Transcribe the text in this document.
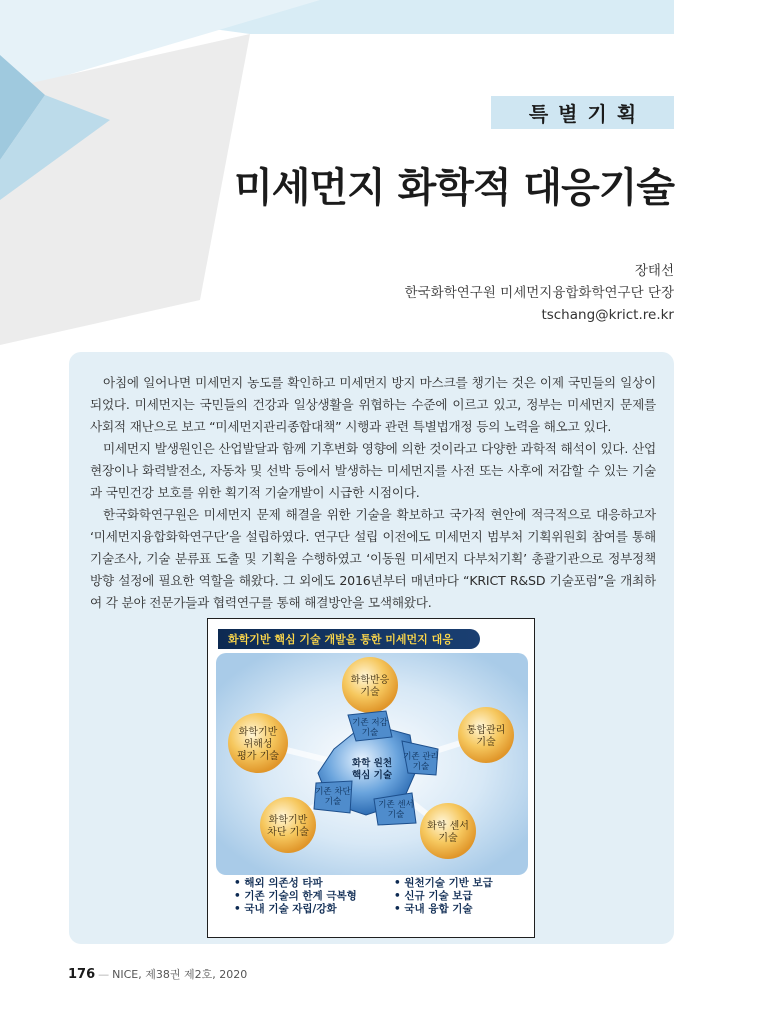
특별기획
미세먼지 화학적 대응기술
장태선
한국화학연구원 미세먼지융합화학연구단 단장
tschang@krict.re.kr

아침에 일어나면 미세먼지 농도를 확인하고 미세먼지 방지 마스크를 챙기는 것은 이제 국민들의 일상이 되었다. 미세먼지는 국민들의 건강과 일상생활을 위협하는 수준에 이르고 있고, 정부는 미세먼지 문제를 사회적 재난으로 보고 “미세먼지관리종합대책” 시행과 관련 특별법개정 등의 노력을 해오고 있다.

미세먼지 발생원인은 산업발달과 함께 기후변화 영향에 의한 것이라고 다양한 과학적 해석이 있다. 산업 현장이나 화력발전소, 자동차 및 선박 등에서 발생하는 미세먼지를 사전 또는 사후에 저감할 수 있는 기술과 국민건강 보호를 위한 획기적 기술개발이 시급한 시점이다.

한국화학연구원은 미세먼지 문제 해결을 위한 기술을 확보하고 국가적 현안에 적극적으로 대응하고자 ‘미세먼지융합화학연구단’을 설립하였다. 연구단 설립 이전에도 미세먼지 범부처 기획위원회 참여를 통해 기술조사, 기술 분류표 도출 및 기획을 수행하였고 ‘이동원 미세먼지 다부처기획’ 총괄기관으로 정부정책 방향 설정에 필요한 역할을 해왔다. 그 외에도 2016년부터 매년마다 “KRICT R&SD 기술포럼”을 개최하여 각 분야 전문가들과 협력연구를 통해 해결방안을 모색해왔다.

화학기반 핵심 기술 개발을 통한 미세먼지 대응
화학반응
기술
통합관리
기술
화학 센서
기술
화학기반
차단 기술
화학기반
위해성
평가 기술
기존 저감
기술
기존 관리
기술
기존 센서
기술
기존 차단
기술
화학 원천
핵심 기술
• 해외 의존성 타파
• 기존 기술의 한계 극복형
• 국내 기술 자립/강화
• 원천기술 기반 보급
• 신규 기술 보급
• 국내 융합 기술
176 — NICE, 제38권 제2호, 2020
